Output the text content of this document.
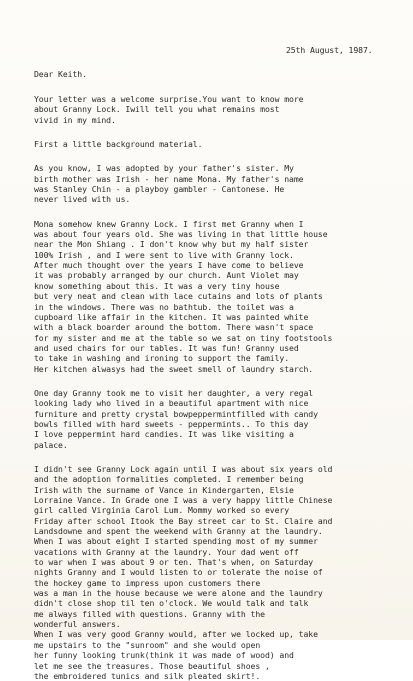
25th August, 1987.
Dear Keith.

Your letter was a welcome surprise.You want to know more
about Granny Lock. Iwill tell you what remains most
vivid in my mind.

First a little background material.

As you know, I was adopted by your father's sister. My
birth mother was Irish - her name Mona. My father's name
was Stanley Chin - a playboy gambler - Cantonese. He
never lived with us.

Mona somehow knew Granny Lock. I first met Granny when I
was about four years old. She was living in that little house
near the Mon Shiang . I don't know why but my half sister
100% Irish , and I were sent to live with Granny lock.
After much thought over the years I have come to believe
it was probably arranged by our church. Aunt Violet may
know something about this. It was a very tiny house
but very neat and clean with lace cutains and lots of plants
in the windows. There was no bathtub. the toilet was a
cupboard like affair in the kitchen. It was painted white
with a black boarder around the bottom. There wasn't space
for my sister and me at the table so we sat on tiny footstools
and used chairs for our tables. It was fun! Granny used
to take in washing and ironing to support the family.
Her kitchen alwasys had the sweet smell of laundry starch.

One day Granny took me to visit her daughter, a very regal
looking lady who lived in a beautiful apartment with nice
furniture and pretty crystal bowpeppermintfilled with candy
bowls filled with hard sweets - peppermints.. To this day
I love peppermint hard candies. It was like visiting a
palace.

I didn't see Granny Lock again until I was about six years old
and the adoption formalities completed. I remember being
Irish with the surname of Vance in Kindergarten, Elsie
Lorraine Vance. In Grade one I was a very happy little Chinese
girl called Virginia Carol Lum. Mommy worked so every
Friday after school Itook the Bay street car to St. Claire and
Landsdowne and spent the weekend with Granny at the laundry.
When I was about eight I started spending most of my summer
vacations with Granny at the laundry. Your dad went off
to war when I was about 9 or ten. That's when, on Saturday
nights Granny and I would listen to or tolerate the noise of
the hockey game to impress upon customers there
was a man in the house because we were alone and the laundry
didn't close shop til ten o'clock. We would talk and talk
me always filled with questions. Granny with the
wonderful answers.
When I was very good Granny would, after we locked up, take
me upstairs to the "sunroom" and she would open
her funny looking trunk(think it was made of wood) and
let me see the treasures. Those beautiful shoes ,
the embroidered tunics and silk pleated skirt!.
